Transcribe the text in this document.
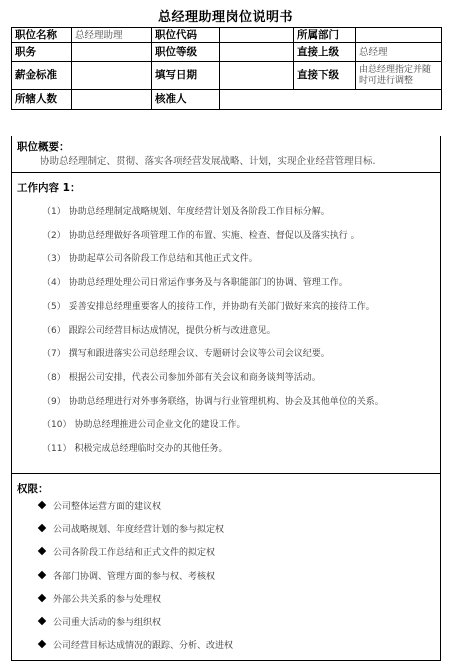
总经理助理岗位说明书
职位名称	总经理助理	职位代码		所属部门	
职务		职位等级		直接上级	总经理
薪金标准		填写日期		直接下级	由总经理指定并随时可进行调整
所辖人数		核准人			
职位概要：
协助总经理制定、贯彻、落实各项经营发展战略、计划，实现企业经营管理目标.
工作内容 1：
（1） 协助总经理制定战略规划、年度经营计划及各阶段工作目标分解。
（2） 协助总经理做好各项管理工作的布置、实施、检查、督促以及落实执行 。
（3） 协助起草公司各阶段工作总结和其他正式文件。
（4） 协助总经理处理公司日常运作事务及与各职能部门的协调、管理工作。
（5） 妥善安排总经理重要客人的接待工作，并协助有关部门做好来宾的接待工作。
（6） 跟踪公司经营目标达成情况，提供分析与改进意见。
（7） 撰写和跟进落实公司总经理会议、专题研讨会议等公司会议纪要。
（8） 根据公司安排，代表公司参加外部有关会议和商务谈判等活动。
（9） 协助总经理进行对外事务联络，协调与行业管理机构、协会及其他单位的关系。
（10） 协助总经理推进公司企业文化的建设工作。
（11） 积极完成总经理临时交办的其他任务。
权限：
公司整体运营方面的建议权
公司战略规划、年度经营计划的参与拟定权
公司各阶段工作总结和正式文件的拟定权
各部门协调、管理方面的参与权、考核权
外部公共关系的参与处理权
公司重大活动的参与组织权
公司经营目标达成情况的跟踪、分析、改进权
